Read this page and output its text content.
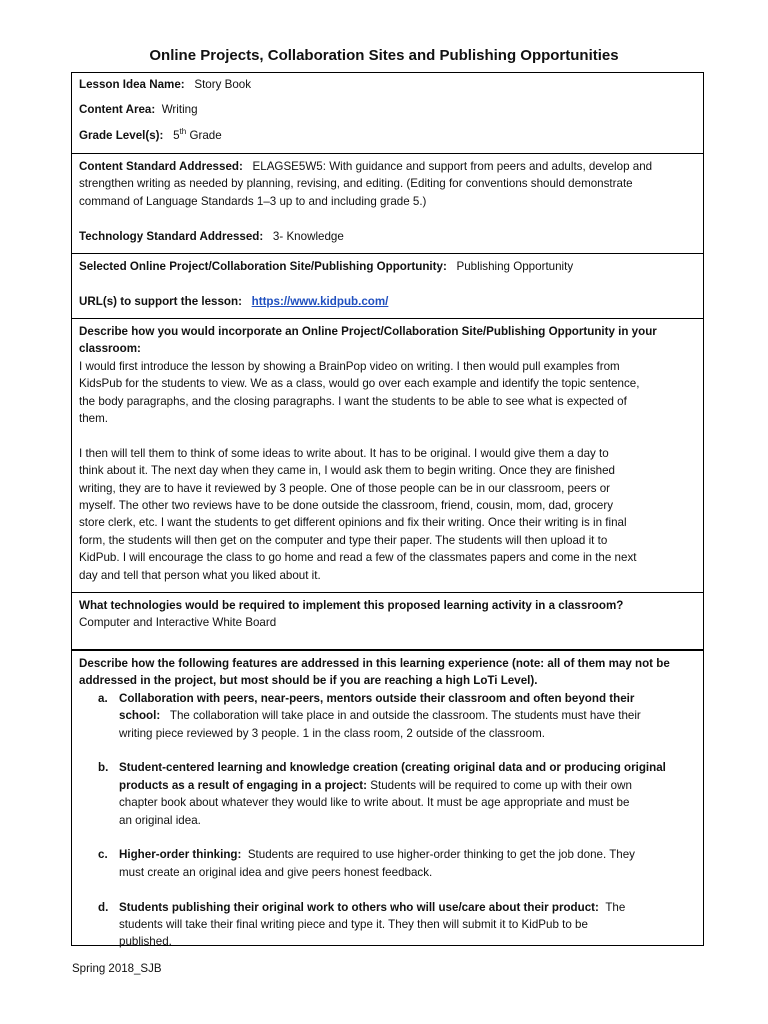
Online Projects, Collaboration Sites and Publishing Opportunities
Lesson Idea Name: Story Book
Content Area: Writing
Grade Level(s): 5th Grade
Content Standard Addressed: ELAGSE5W5: With guidance and support from peers and adults, develop and
strengthen writing as needed by planning, revising, and editing. (Editing for conventions should demonstrate
command of Language Standards 1–3 up to and including grade 5.)
Technology Standard Addressed: 3- Knowledge
Selected Online Project/Collaboration Site/Publishing Opportunity: Publishing Opportunity
URL(s) to support the lesson: https://www.kidpub.com/
Describe how you would incorporate an Online Project/Collaboration Site/Publishing Opportunity in your
classroom:
I would first introduce the lesson by showing a BrainPop video on writing. I then would pull examples from
KidsPub for the students to view. We as a class, would go over each example and identify the topic sentence,
the body paragraphs, and the closing paragraphs. I want the students to be able to see what is expected of
them.
I then will tell them to think of some ideas to write about. It has to be original. I would give them a day to
think about it. The next day when they came in, I would ask them to begin writing. Once they are finished
writing, they are to have it reviewed by 3 people. One of those people can be in our classroom, peers or
myself. The other two reviews have to be done outside the classroom, friend, cousin, mom, dad, grocery
store clerk, etc. I want the students to get different opinions and fix their writing. Once their writing is in final
form, the students will then get on the computer and type their paper. The students will then upload it to
KidPub. I will encourage the class to go home and read a few of the classmates papers and come in the next
day and tell that person what you liked about it.
What technologies would be required to implement this proposed learning activity in a classroom?
Computer and Interactive White Board
Describe how the following features are addressed in this learning experience (note: all of them may not be
addressed in the project, but most should be if you are reaching a high LoTi Level).
a. Collaboration with peers, near-peers, mentors outside their classroom and often beyond their
school: The collaboration will take place in and outside the classroom. The students must have their
writing piece reviewed by 3 people. 1 in the class room, 2 outside of the classroom.
b. Student-centered learning and knowledge creation (creating original data and or producing original
products as a result of engaging in a project: Students will be required to come up with their own
chapter book about whatever they would like to write about. It must be age appropriate and must be
an original idea.
c. Higher-order thinking: Students are required to use higher-order thinking to get the job done. They
must create an original idea and give peers honest feedback.
d. Students publishing their original work to others who will use/care about their product: The
students will take their final writing piece and type it. They then will submit it to KidPub to be
published.
Spring 2018_SJB
